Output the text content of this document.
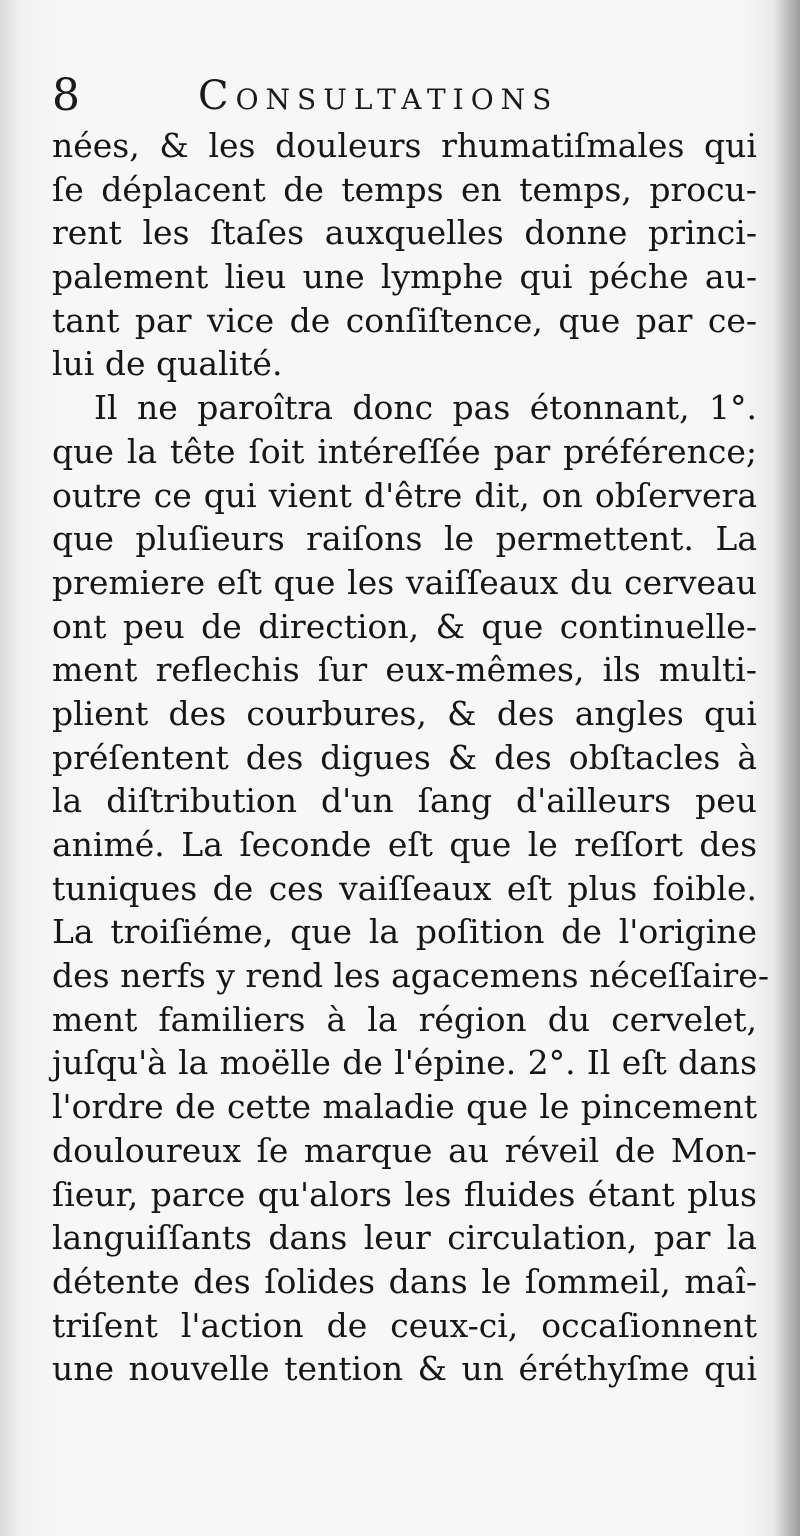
8	Consultations
nées, & les douleurs rhumatiſmales qui
ſe déplacent de temps en temps, procu-
rent les ſtaſes auxquelles donne princi-
palement lieu une lymphe qui péche au-
tant par vice de conſiſtence, que par ce-
lui de qualité.
Il ne paroîtra donc pas étonnant, 1°.
que la tête ſoit intéreſſée par préférence;
outre ce qui vient d'être dit, on obſervera
que pluſieurs raiſons le permettent. La
premiere eſt que les vaiſſeaux du cerveau
ont peu de direction, & que continuelle-
ment reflechis ſur eux-mêmes, ils multi-
plient des courbures, & des angles qui
préſentent des digues & des obſtacles à
la diſtribution d'un ſang d'ailleurs peu
animé. La ſeconde eſt que le reſſort des
tuniques de ces vaiſſeaux eſt plus foible.
La troiſiéme, que la poſition de l'origine
des nerfs y rend les agacemens néceſſaire-
ment familiers à la région du cervelet,
juſqu'à la moëlle de l'épine. 2°. Il eſt dans
l'ordre de cette maladie que le pincement
douloureux ſe marque au réveil de Mon-
ſieur, parce qu'alors les fluides étant plus
languiſſants dans leur circulation, par la
détente des ſolides dans le ſommeil, maî-
triſent l'action de ceux-ci, occaſionnent
une nouvelle tention & un éréthyſme qui
